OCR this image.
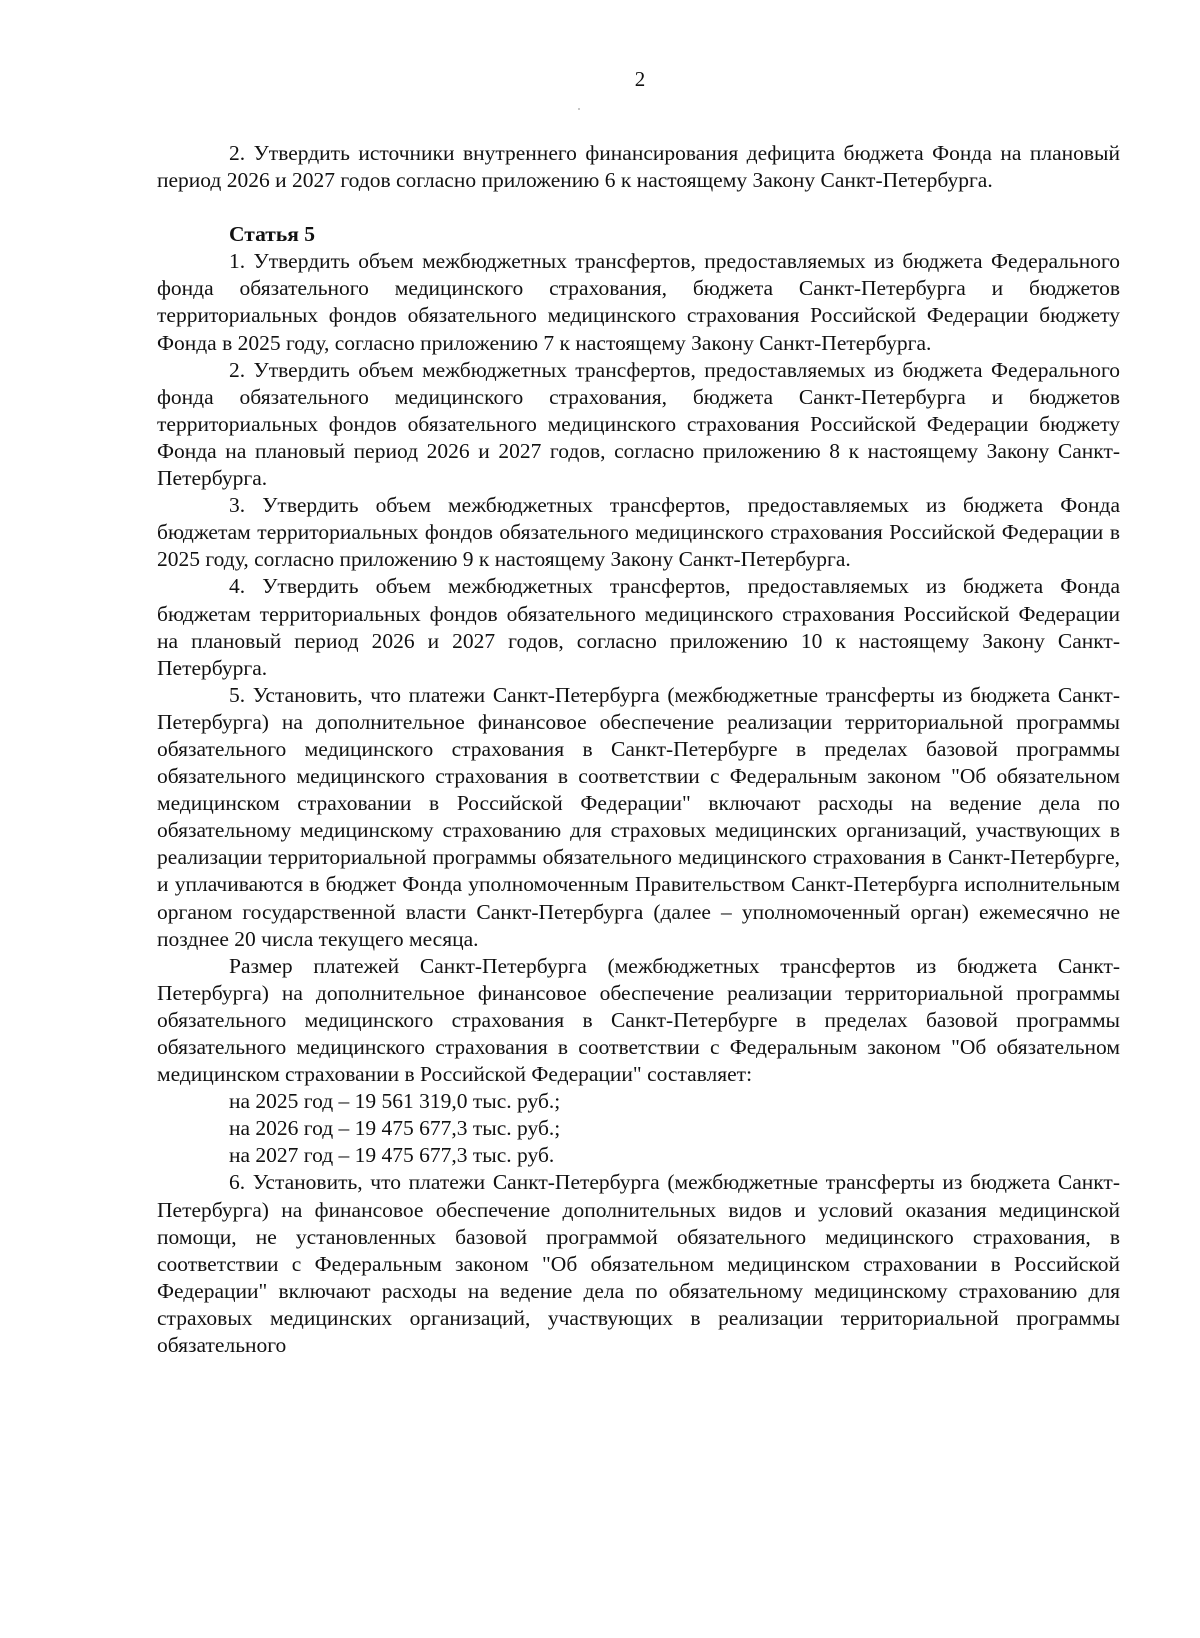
2

2. Утвердить источники внутреннего финансирования дефицита бюджета Фонда на плановый период 2026 и 2027 годов согласно приложению 6 к настоящему Закону Санкт-Петербурга.

Статья 5

1. Утвердить объем межбюджетных трансфертов, предоставляемых из бюджета Федерального фонда обязательного медицинского страхования, бюджета Санкт-Петербурга и бюджетов территориальных фондов обязательного медицинского страхования Российской Федерации бюджету Фонда в 2025 году, согласно приложению 7 к настоящему Закону Санкт-Петербурга.

2. Утвердить объем межбюджетных трансфертов, предоставляемых из бюджета Федерального фонда обязательного медицинского страхования, бюджета Санкт-Петербурга и бюджетов территориальных фондов обязательного медицинского страхования Российской Федерации бюджету Фонда на плановый период 2026 и 2027 годов, согласно приложению 8 к настоящему Закону Санкт-Петербурга.

3. Утвердить объем межбюджетных трансфертов, предоставляемых из бюджета Фонда бюджетам территориальных фондов обязательного медицинского страхования Российской Федерации в 2025 году, согласно приложению 9 к настоящему Закону Санкт-Петербурга.

4. Утвердить объем межбюджетных трансфертов, предоставляемых из бюджета Фонда бюджетам территориальных фондов обязательного медицинского страхования Российской Федерации на плановый период 2026 и 2027 годов, согласно приложению 10 к настоящему Закону Санкт-Петербурга.

5. Установить, что платежи Санкт-Петербурга (межбюджетные трансферты из бюджета Санкт-Петербурга) на дополнительное финансовое обеспечение реализации территориальной программы обязательного медицинского страхования в Санкт-Петербурге в пределах базовой программы обязательного медицинского страхования в соответствии с Федеральным законом "Об обязательном медицинском страховании в Российской Федерации" включают расходы на ведение дела по обязательному медицинскому страхованию для страховых медицинских организаций, участвующих в реализации территориальной программы обязательного медицинского страхования в Санкт-Петербурге, и уплачиваются в бюджет Фонда уполномоченным Правительством Санкт-Петербурга исполнительным органом государственной власти Санкт-Петербурга (далее – уполномоченный орган) ежемесячно не позднее 20 числа текущего месяца.

Размер платежей Санкт-Петербурга (межбюджетных трансфертов из бюджета Санкт-Петербурга) на дополнительное финансовое обеспечение реализации территориальной программы обязательного медицинского страхования в Санкт-Петербурге в пределах базовой программы обязательного медицинского страхования в соответствии с Федеральным законом "Об обязательном медицинском страховании в Российской Федерации" составляет:

на 2025 год – 19 561 319,0 тыс. руб.;
на 2026 год – 19 475 677,3 тыс. руб.;
на 2027 год – 19 475 677,3 тыс. руб.

6. Установить, что платежи Санкт-Петербурга (межбюджетные трансферты из бюджета Санкт-Петербурга) на финансовое обеспечение дополнительных видов и условий оказания медицинской помощи, не установленных базовой программой обязательного медицинского страхования, в соответствии с Федеральным законом "Об обязательном медицинском страховании в Российской Федерации" включают расходы на ведение дела по обязательному медицинскому страхованию для страховых медицинских организаций, участвующих в реализации территориальной программы обязательного
